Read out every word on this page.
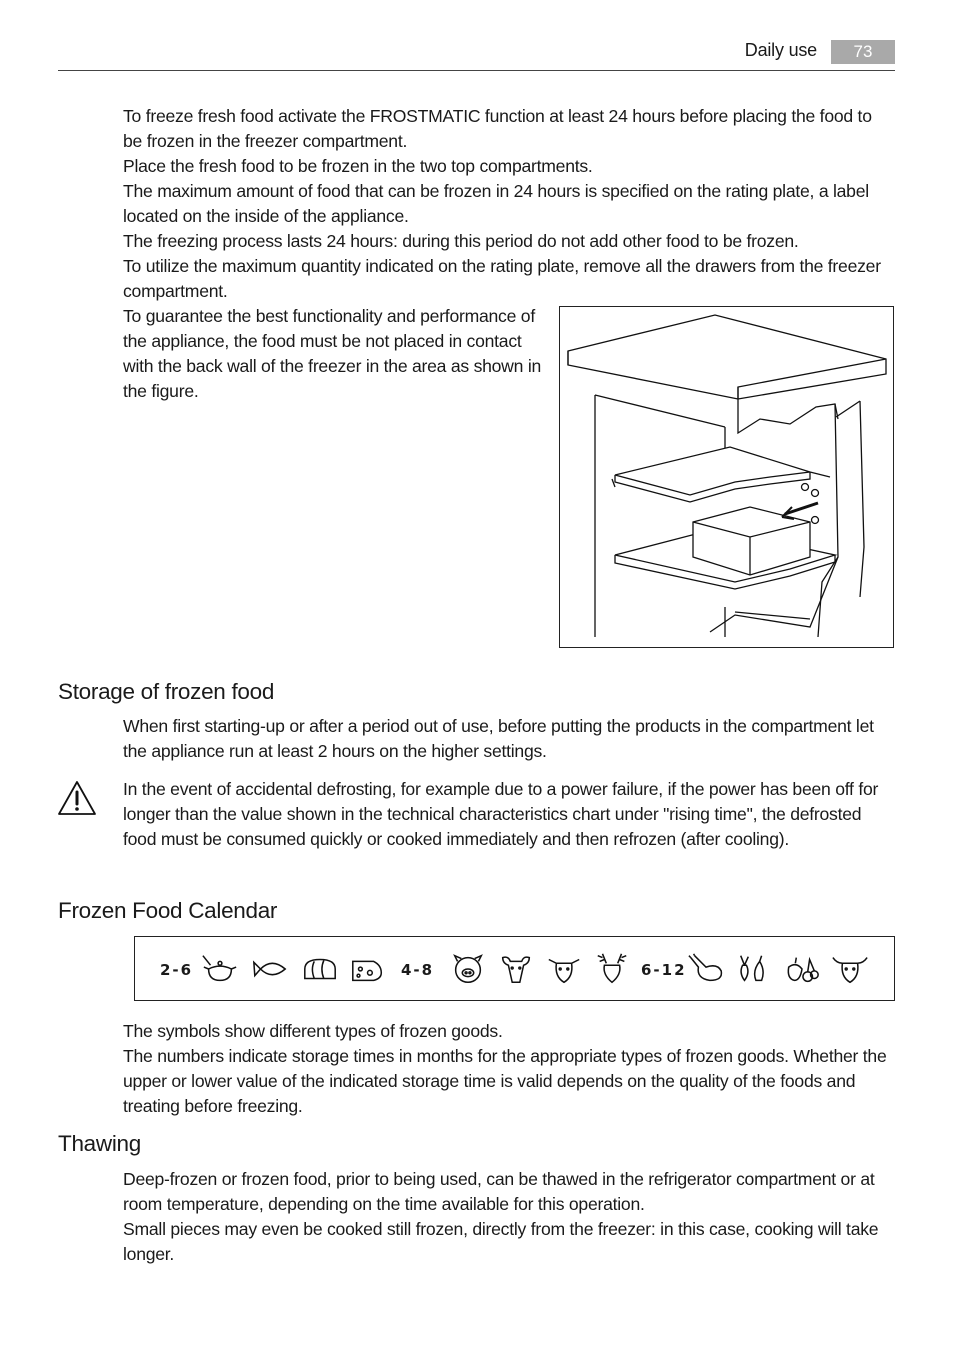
Daily use	73

To freeze fresh food activate the FROSTMATIC function at least 24 hours before placing the food to be frozen in the freezer compartment.

Place the fresh food to be frozen in the two top compartments.

The maximum amount of food that can be frozen in 24 hours is specified on the rating plate, a label located on the inside of the appliance.

The freezing process lasts 24 hours: during this period do not add other food to be frozen.

To utilize the maximum quantity indicated on the rating plate, remove all the drawers from the freezer compartment.

To guarantee the best functionality and performance of the appliance, the food must be not placed in contact with the back wall of the freezer in the area as shown in the figure.

Storage of frozen food

When first starting-up or after a period out of use, before putting the products in the compartment let the appliance run at least 2 hours on the higher settings.

In the event of accidental defrosting, for example due to a power failure, if the power has been off for longer than the value shown in the technical characteristics chart under "rising time", the defrosted food must be consumed quickly or cooked immediately and then refrozen (after cooling).

Frozen Food Calendar
2-6	4-8	6-12

The symbols show different types of frozen goods.

The numbers indicate storage times in months for the appropriate types of frozen goods. Whether the upper or lower value of the indicated storage time is valid depends on the quality of the foods and treating before freezing.

Thawing

Deep-frozen or frozen food, prior to being used, can be thawed in the refrigerator compartment or at room temperature, depending on the time available for this operation.

Small pieces may even be cooked still frozen, directly from the freezer: in this case, cooking will take longer.
